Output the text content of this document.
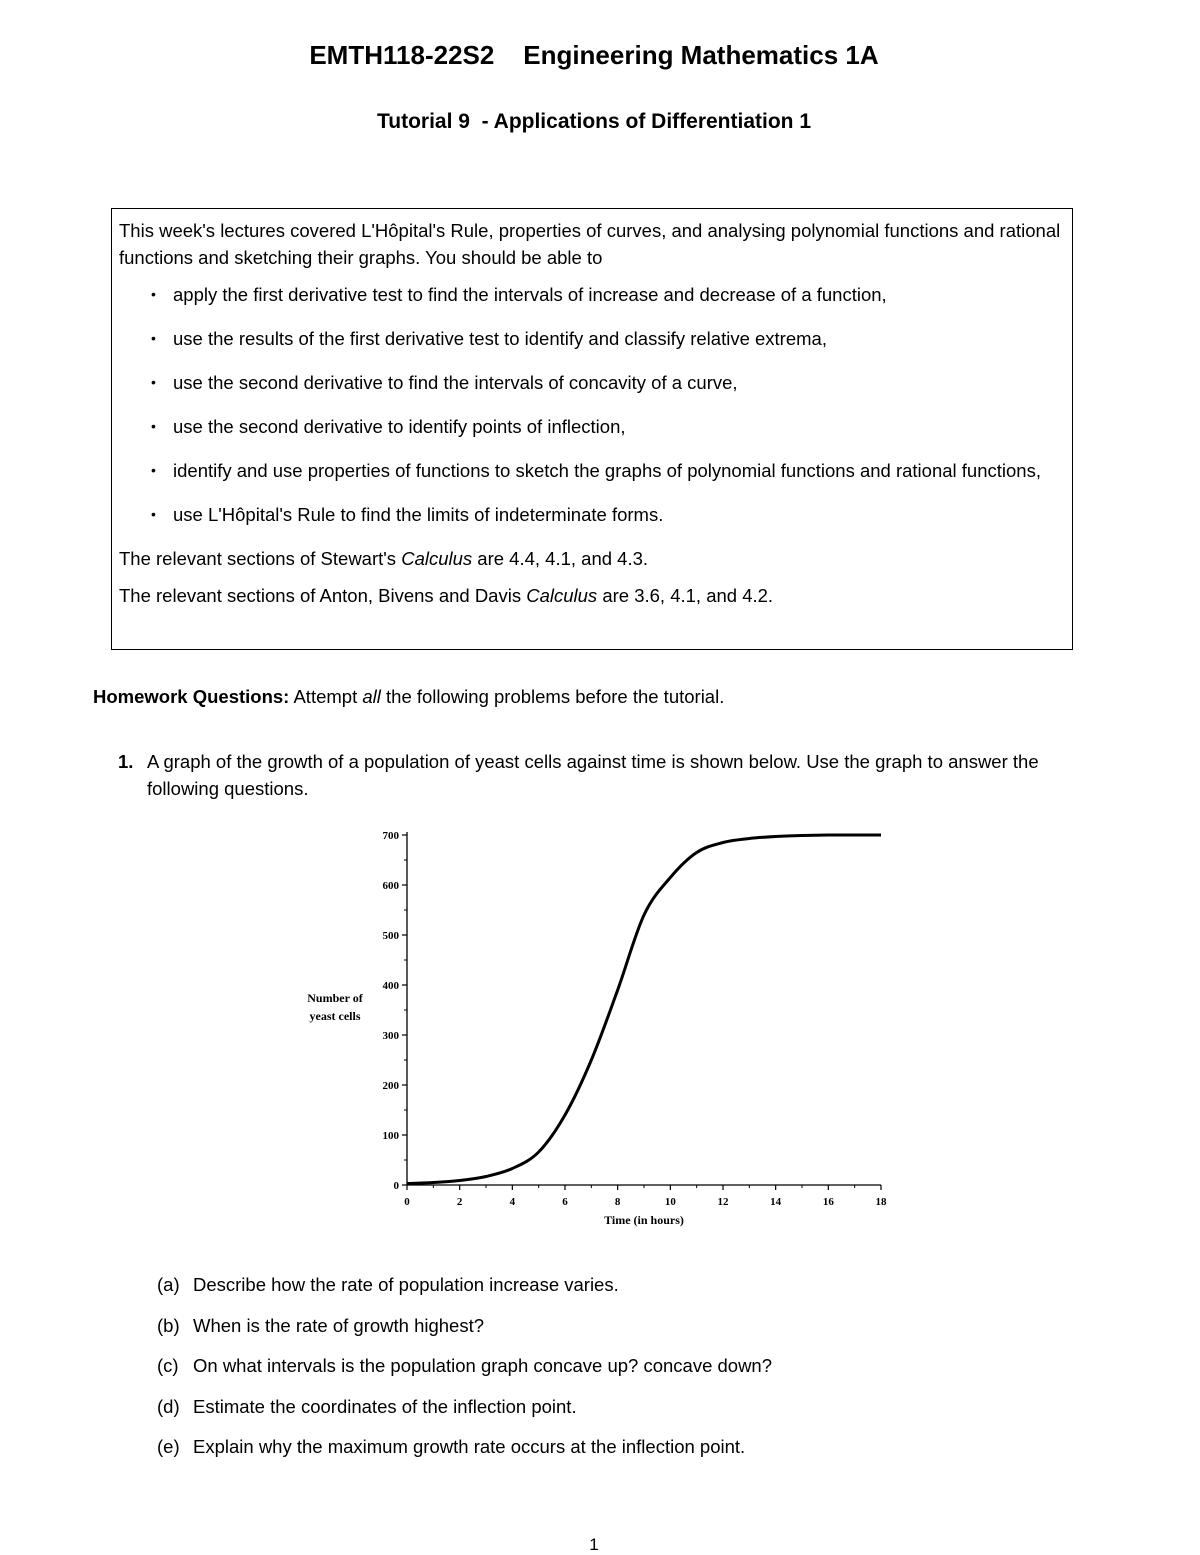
EMTH118-22S2    Engineering Mathematics 1A
Tutorial 9  - Applications of Differentiation 1

This week's lectures covered L'Hôpital's Rule, properties of curves, and analysing polynomial functions and rational functions and sketching their graphs. You should be able to

• apply the first derivative test to find the intervals of increase and decrease of a function,
• use the results of the first derivative test to identify and classify relative extrema,
• use the second derivative to find the intervals of concavity of a curve,
• use the second derivative to identify points of inflection,
• identify and use properties of functions to sketch the graphs of polynomial functions and rational functions,
• use L'Hôpital's Rule to find the limits of indeterminate forms.

The relevant sections of Stewart's Calculus are 4.4, 4.1, and 4.3.

The relevant sections of Anton, Bivens and Davis Calculus are 3.6, 4.1, and 4.2.

Homework Questions: Attempt all the following problems before the tutorial.
1. A graph of the growth of a population of yeast cells against time is shown below. Use the graph to answer the following questions.
0
100
200
300
400
500
600
700
0	2	4	6	8	10	12	14	16	18
Time (in hours)
Number of yeast cells
(a) Describe how the rate of population increase varies.
(b) When is the rate of growth highest?
(c) On what intervals is the population graph concave up? concave down?
(d) Estimate the coordinates of the inflection point.
(e) Explain why the maximum growth rate occurs at the inflection point.
1
